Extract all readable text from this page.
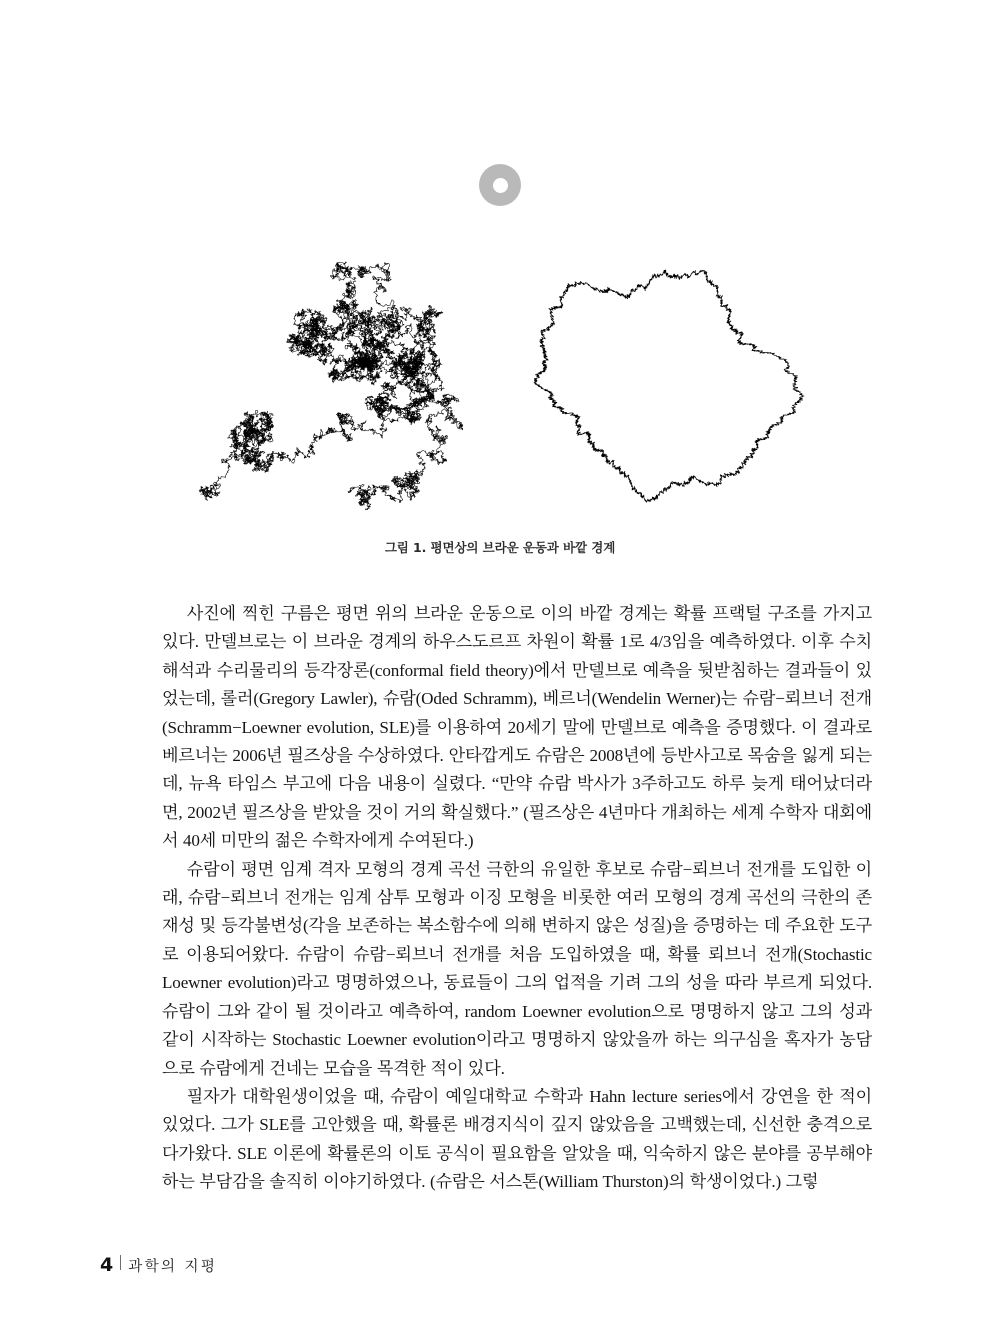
그림 1. 평면상의 브라운 운동과 바깥 경계

사진에 찍힌 구름은 평면 위의 브라운 운동으로 이의 바깥 경계는 확률 프랙털 구조를 가지고 있다. 만델브로는 이 브라운 경계의 하우스도르프 차원이 확률 1로 4/3임을 예측하였다. 이후 수치해석과 수리물리의 등각장론(conformal field theory)에서 만델브로 예측을 뒷받침하는 결과들이 있었는데, 롤러(Gregory Lawler), 슈람(Oded Schramm), 베르너(Wendelin Werner)는 슈람−뢰브너 전개(Schramm−Loewner evolution, SLE)를 이용하여 20세기 말에 만델브로 예측을 증명했다. 이 결과로 베르너는 2006년 필즈상을 수상하였다. 안타깝게도 슈람은 2008년에 등반사고로 목숨을 잃게 되는데, 뉴욕 타임스 부고에 다음 내용이 실렸다. “만약 슈람 박사가 3주하고도 하루 늦게 태어났더라면, 2002년 필즈상을 받았을 것이 거의 확실했다.” (필즈상은 4년마다 개최하는 세계 수학자 대회에서 40세 미만의 젊은 수학자에게 수여된다.)

슈람이 평면 임계 격자 모형의 경계 곡선 극한의 유일한 후보로 슈람−뢰브너 전개를 도입한 이래, 슈람−뢰브너 전개는 임계 삼투 모형과 이징 모형을 비롯한 여러 모형의 경계 곡선의 극한의 존재성 및 등각불변성(각을 보존하는 복소함수에 의해 변하지 않은 성질)을 증명하는 데 주요한 도구로 이용되어왔다. 슈람이 슈람−뢰브너 전개를 처음 도입하였을 때, 확률 뢰브너 전개(Stochastic Loewner evolution)라고 명명하였으나, 동료들이 그의 업적을 기려 그의 성을 따라 부르게 되었다. 슈람이 그와 같이 될 것이라고 예측하여, random Loewner evolution으로 명명하지 않고 그의 성과 같이 시작하는 Stochastic Loewner evolution이라고 명명하지 않았을까 하는 의구심을 혹자가 농담으로 슈람에게 건네는 모습을 목격한 적이 있다.

필자가 대학원생이었을 때, 슈람이 예일대학교 수학과 Hahn lecture series에서 강연을 한 적이 있었다. 그가 SLE를 고안했을 때, 확률론 배경지식이 깊지 않았음을 고백했는데, 신선한 충격으로 다가왔다. SLE 이론에 확률론의 이토 공식이 필요함을 알았을 때, 익숙하지 않은 분야를 공부해야 하는 부담감을 솔직히 이야기하였다. (슈람은 서스톤(William Thurston)의 학생이었다.) 그렇

4 과학의 지평
